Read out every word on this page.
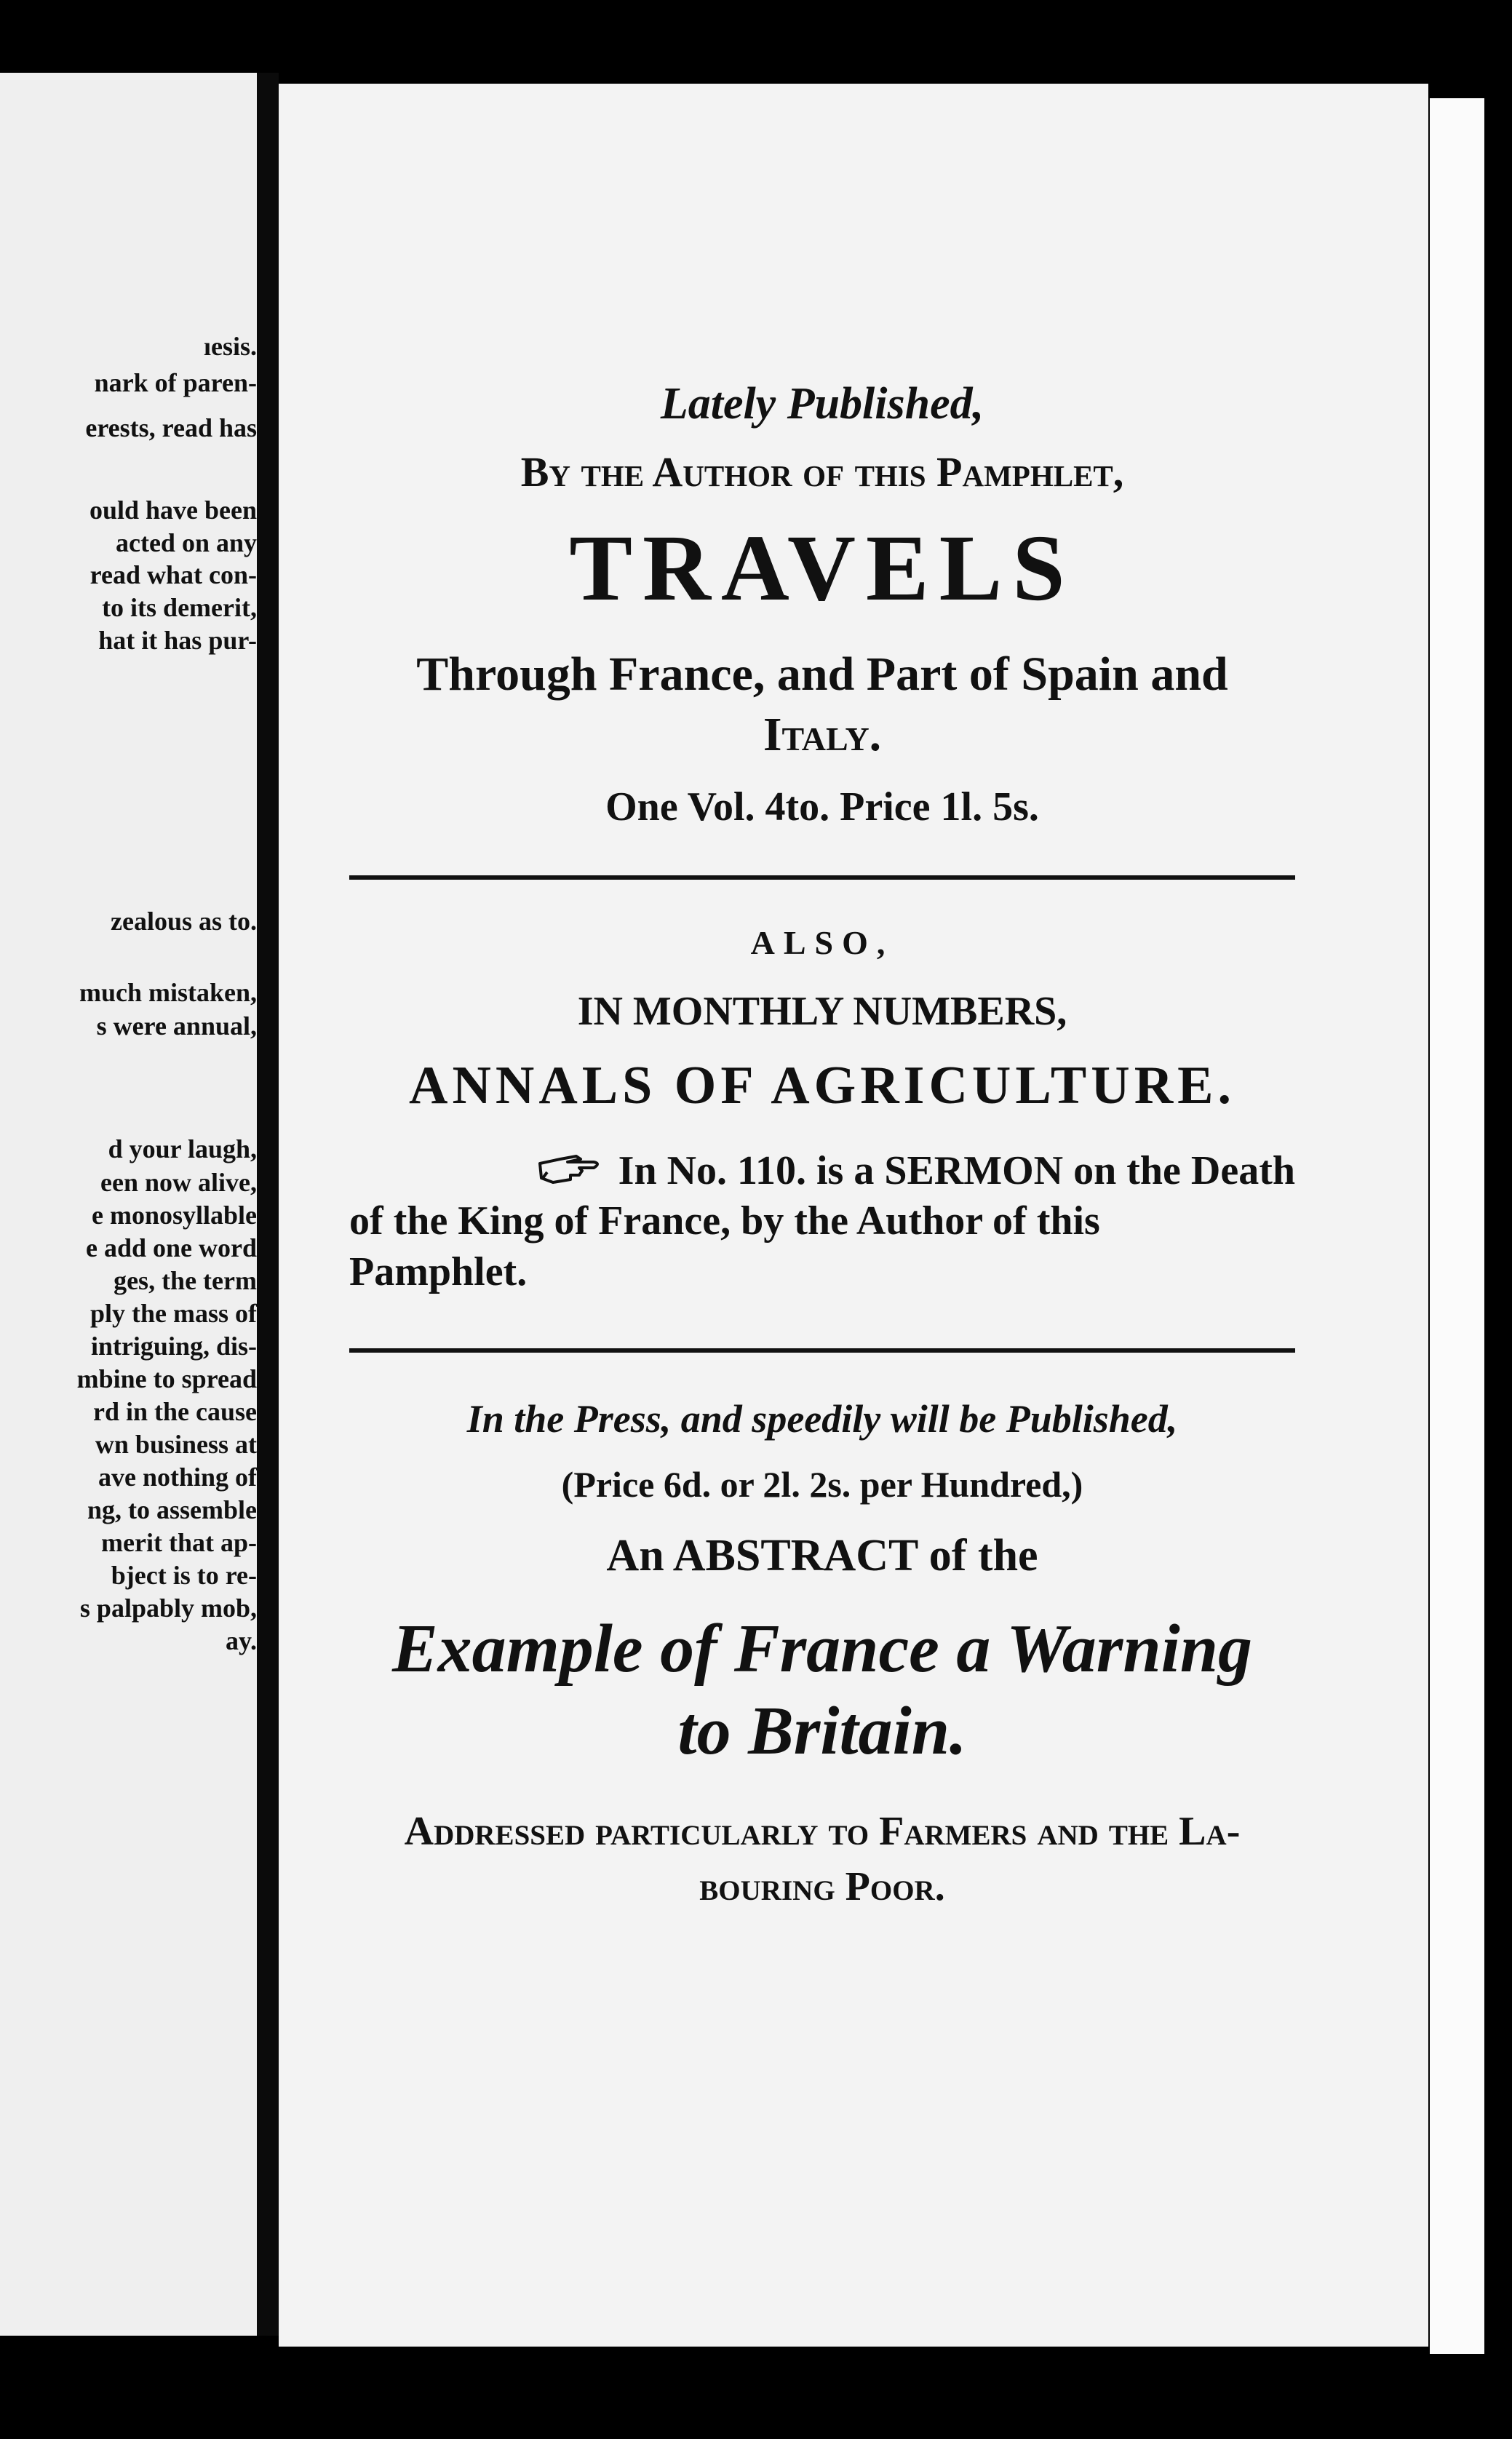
ıesis.
nark of paren-
erests, read has
ould have been
acted on any
read what con-
to its demerit,
hat it has pur-
zealous as to.
much mistaken,
s were annual,
d your laugh,
een now alive,
e monosyllable
e add one word
ges, the term
ply the mass of
intriguing, dis-
mbine to spread
rd in the cause
wn business at
ave nothing of
ng, to assemble
merit that ap-
bject is to re-
s palpably mob,
ay.
Lately Published,
By the Author of this Pamphlet,
TRAVELS
Through France, and Part of Spain and
Italy.
One Vol. 4to. Price 1l. 5s.
ALSO,
IN MONTHLY NUMBERS,
ANNALS OF AGRICULTURE.
In No. 110. is a SERMON on the Death
of the King of France, by the Author of this
Pamphlet.
In the Press, and speedily will be Published,
(Price 6d. or 2l. 2s. per Hundred,)
An ABSTRACT of the
Example of France a Warning
to Britain.
Addressed particularly to Farmers and the La-
bouring Poor.
